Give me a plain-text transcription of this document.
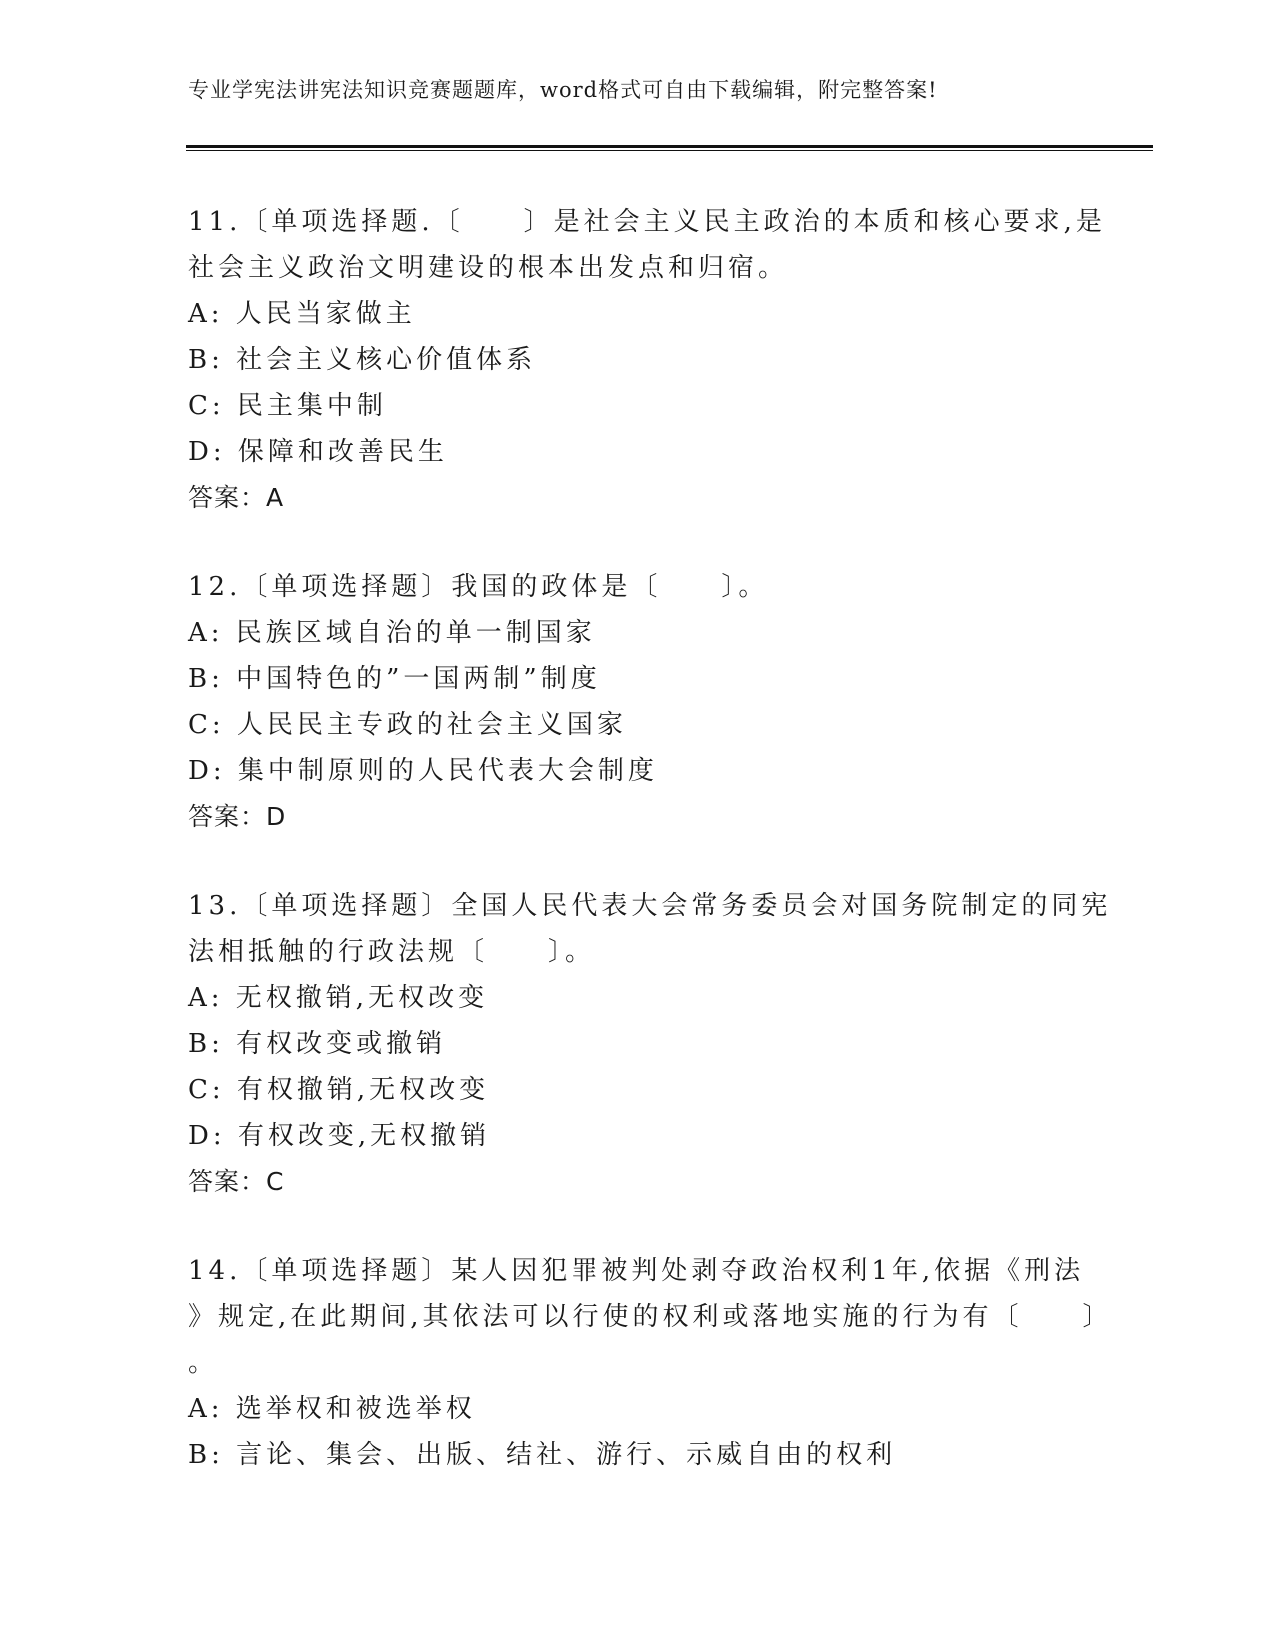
专业学宪法讲宪法知识竞赛题题库，word格式可自由下载编辑，附完整答案!
11.〔单项选择题.〔　　〕是社会主义民主政治的本质和核心要求,是
社会主义政治文明建设的根本出发点和归宿。
A: 人民当家做主
B: 社会主义核心价值体系
C: 民主集中制
D: 保障和改善民生
答案：A
12.〔单项选择题〕我国的政体是〔　　〕。
A: 民族区域自治的单一制国家
B: 中国特色的”一国两制”制度
C: 人民民主专政的社会主义国家
D: 集中制原则的人民代表大会制度
答案：D
13.〔单项选择题〕全国人民代表大会常务委员会对国务院制定的同宪
法相抵触的行政法规〔　　〕。
A: 无权撤销,无权改变
B: 有权改变或撤销
C: 有权撤销,无权改变
D: 有权改变,无权撤销
答案：C
14.〔单项选择题〕某人因犯罪被判处剥夺政治权利1年,依据《刑法
》规定,在此期间,其依法可以行使的权利或落地实施的行为有〔　　〕
。
A: 选举权和被选举权
B: 言论、集会、出版、结社、游行、示威自由的权利
